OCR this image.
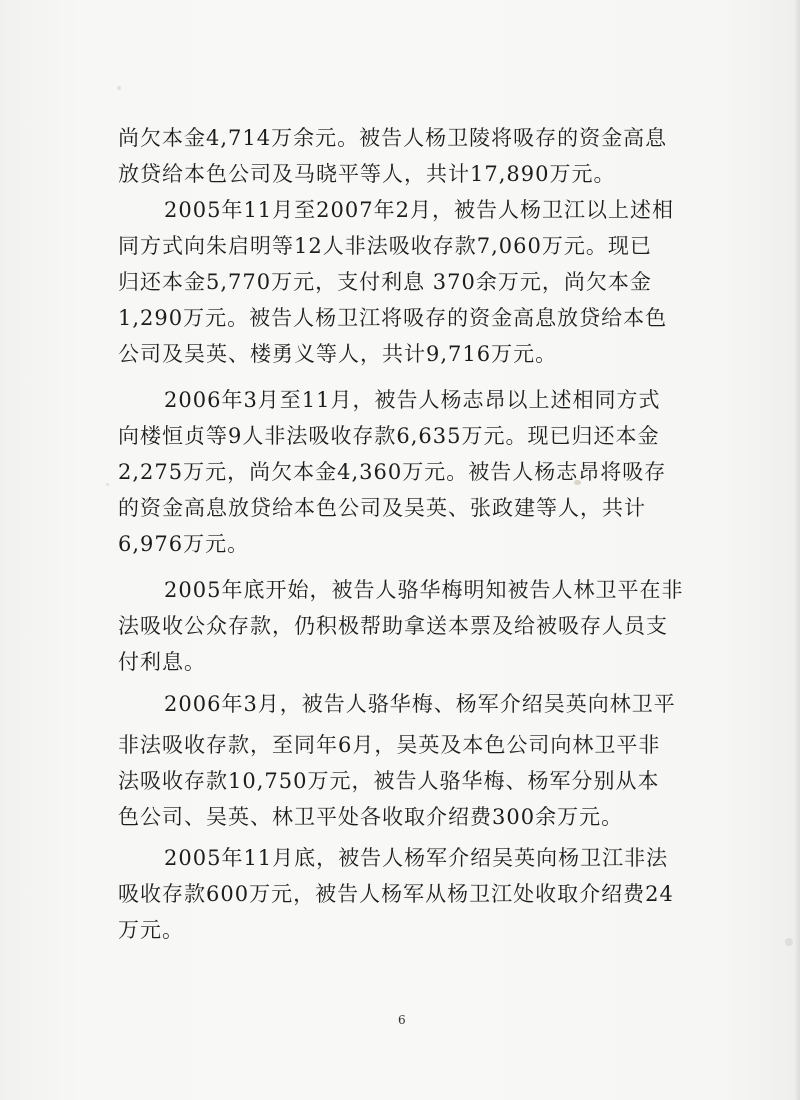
尚欠本金4,714万余元。被告人杨卫陵将吸存的资金高息
放贷给本色公司及马晓平等人，共计17,890万元。
2005年11月至2007年2月，被告人杨卫江以上述相
同方式向朱启明等12人非法吸收存款7,060万元。现已
归还本金5,770万元，支付利息 370余万元，尚欠本金
1,290万元。被告人杨卫江将吸存的资金高息放贷给本色
公司及吴英、楼勇义等人，共计9,716万元。
2006年3月至11月，被告人杨志昂以上述相同方式
向楼恒贞等9人非法吸收存款6,635万元。现已归还本金
2,275万元，尚欠本金4,360万元。被告人杨志昂将吸存
的资金高息放贷给本色公司及吴英、张政建等人，共计
6,976万元。
2005年底开始，被告人骆华梅明知被告人林卫平在非
法吸收公众存款，仍积极帮助拿送本票及给被吸存人员支
付利息。
2006年3月，被告人骆华梅、杨军介绍吴英向林卫平
非法吸收存款，至同年6月，吴英及本色公司向林卫平非
法吸收存款10,750万元，被告人骆华梅、杨军分别从本
色公司、吴英、林卫平处各收取介绍费300余万元。
2005年11月底，被告人杨军介绍吴英向杨卫江非法
吸收存款600万元，被告人杨军从杨卫江处收取介绍费24
万元。
6
